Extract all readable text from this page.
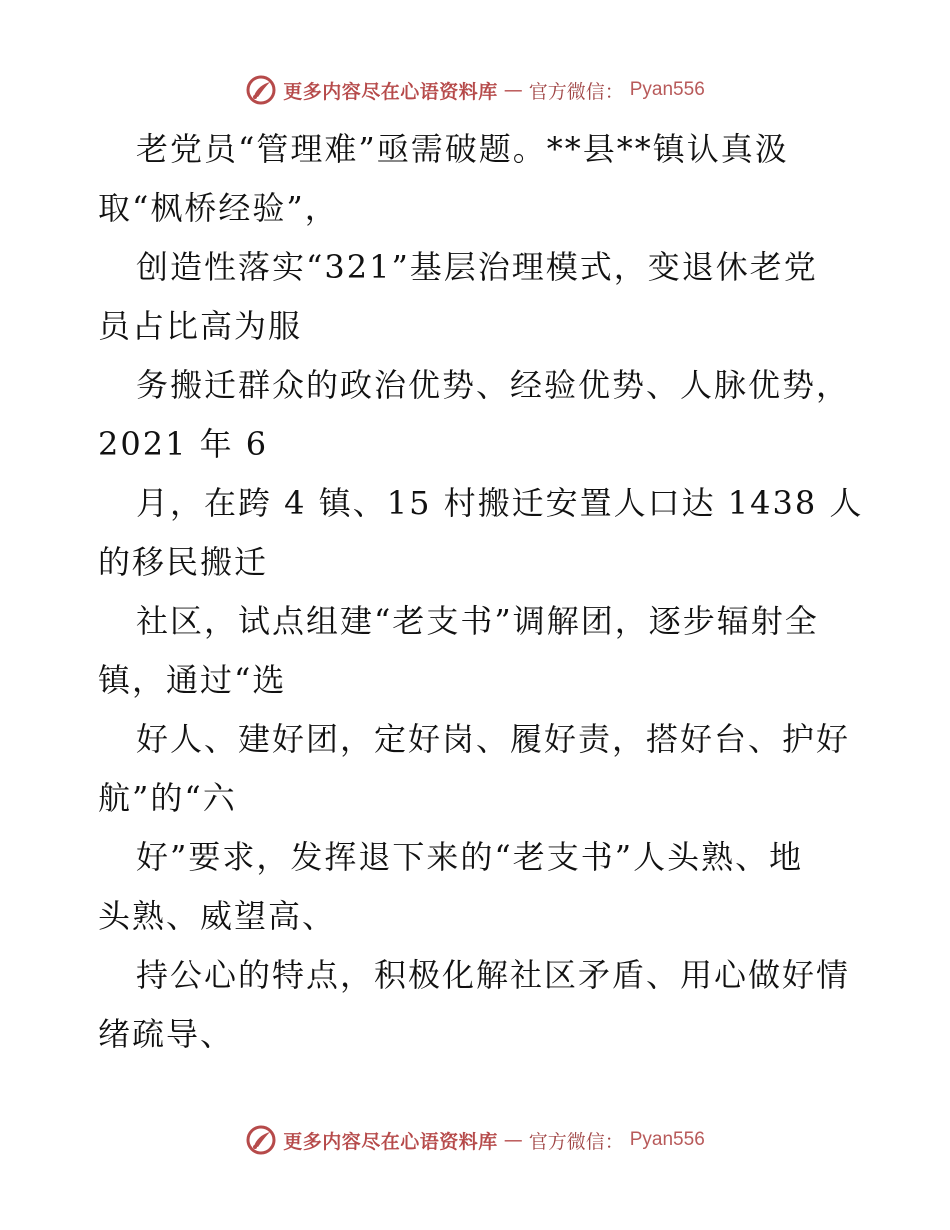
更多内容尽在心语资料库 — 官方微信： Pyan556

老党员“管理难”亟需破题。**县**镇认真汲
取“枫桥经验”，

创造性落实“321”基层治理模式，变退休老党
员占比高为服

务搬迁群众的政治优势、经验优势、人脉优势，
2021 年 6

月，在跨 4 镇、15 村搬迁安置人口达 1438 人
的移民搬迁

社区，试点组建“老支书”调解团，逐步辐射全
镇，通过“选

好人、建好团，定好岗、履好责，搭好台、护好
航”的“六

好”要求，发挥退下来的“老支书”人头熟、地
头熟、威望高、

持公心的特点，积极化解社区矛盾、用心做好情
绪疏导、

更多内容尽在心语资料库 — 官方微信： Pyan556
